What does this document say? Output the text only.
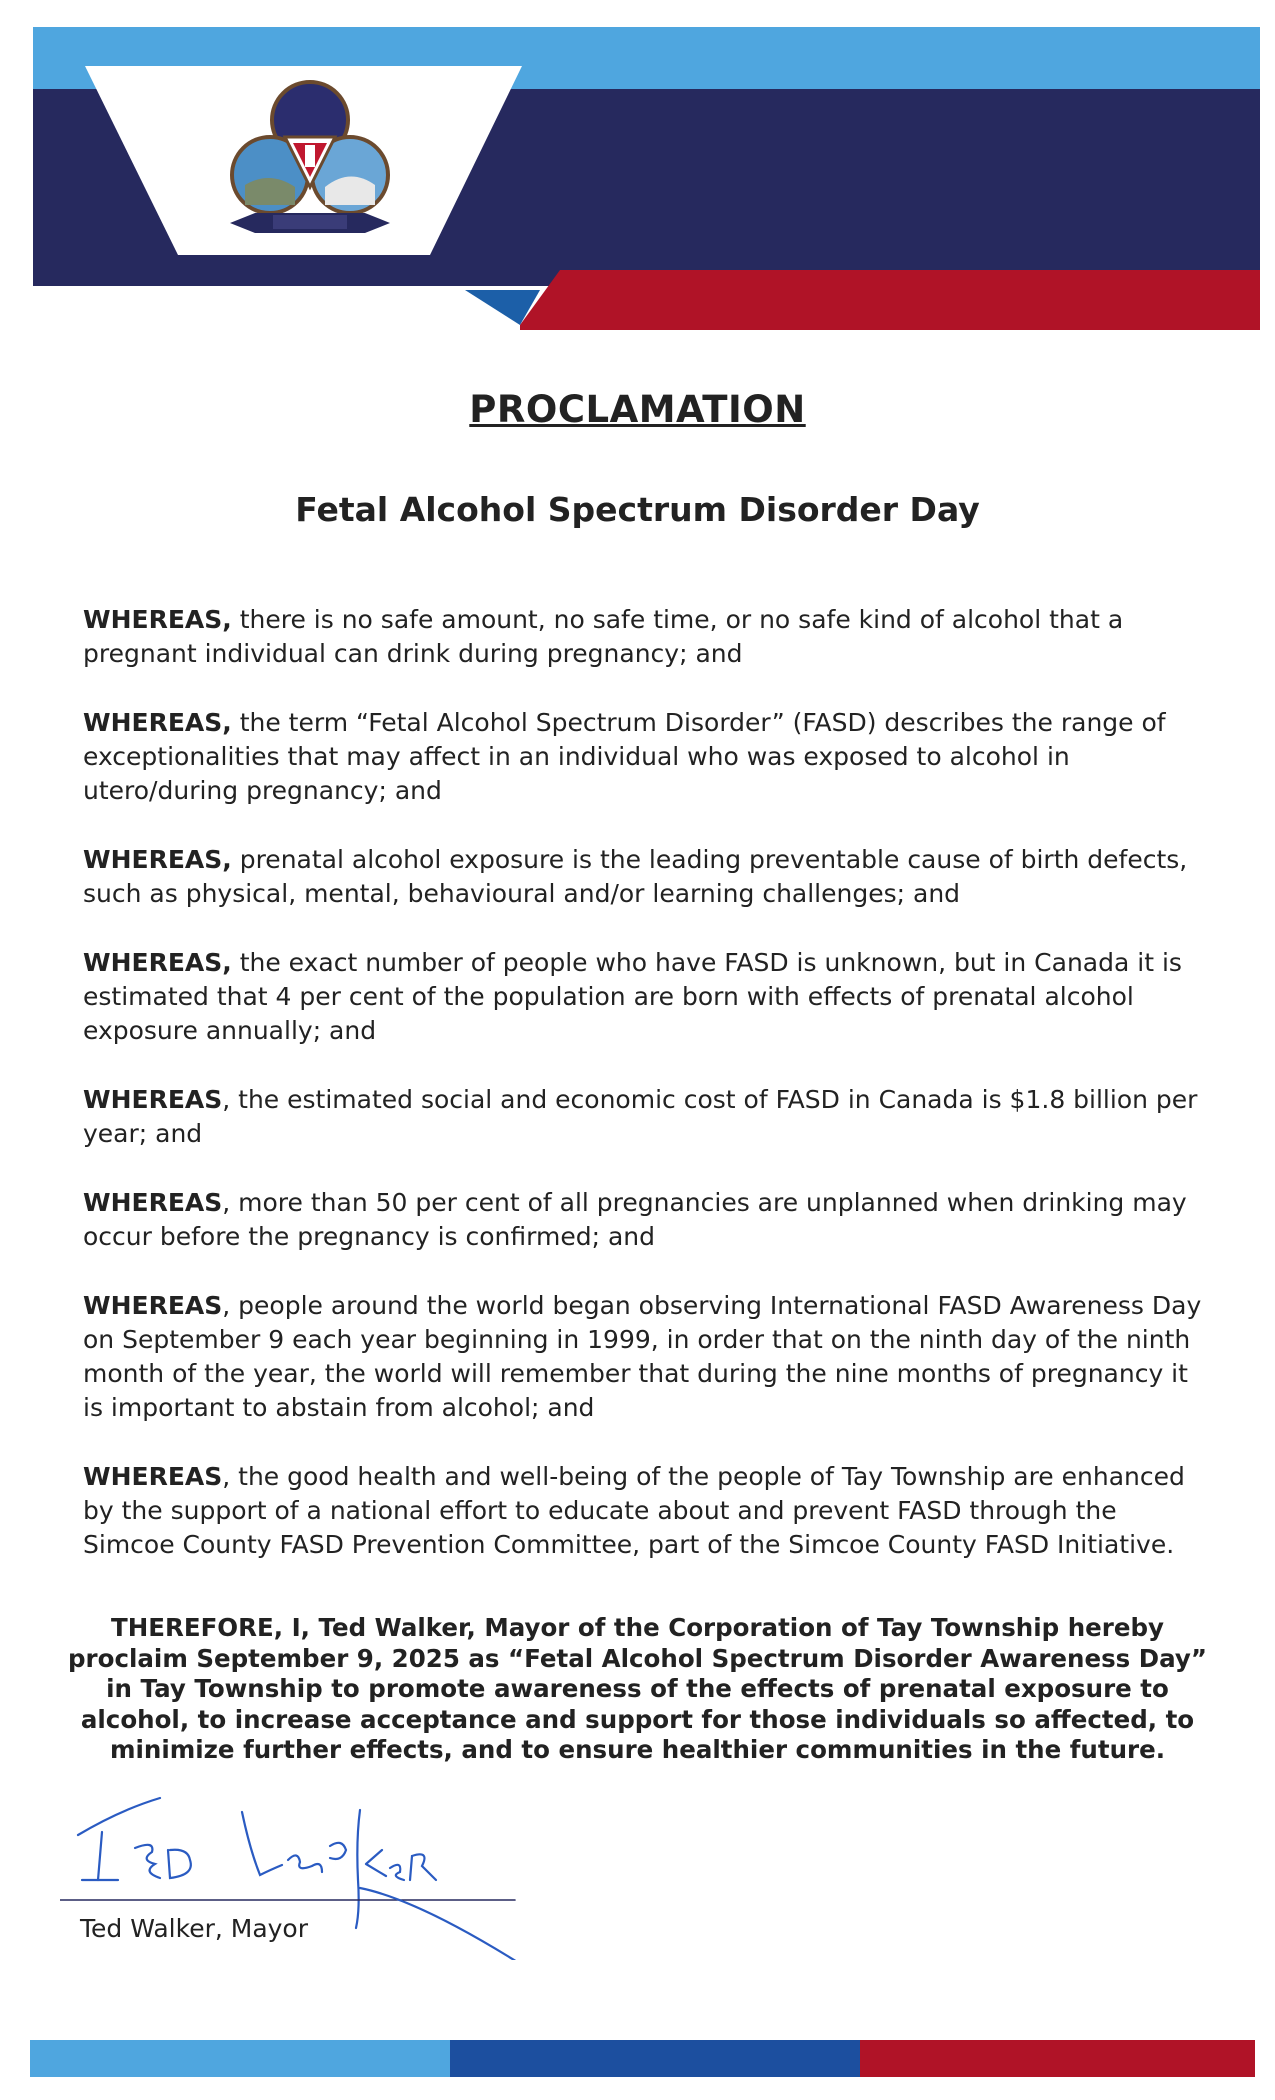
PROCLAMATION
Fetal Alcohol Spectrum Disorder Day

WHEREAS, there is no safe amount, no safe time, or no safe kind of alcohol that a pregnant individual can drink during pregnancy; and

WHEREAS, the term “Fetal Alcohol Spectrum Disorder” (FASD) describes the range of exceptionalities that may affect in an individual who was exposed to alcohol in utero/during pregnancy; and

WHEREAS, prenatal alcohol exposure is the leading preventable cause of birth defects, such as physical, mental, behavioural and/or learning challenges; and

WHEREAS, the exact number of people who have FASD is unknown, but in Canada it is estimated that 4 per cent of the population are born with effects of prenatal alcohol exposure annually; and

WHEREAS, the estimated social and economic cost of FASD in Canada is $1.8 billion per year; and

WHEREAS, more than 50 per cent of all pregnancies are unplanned when drinking may occur before the pregnancy is confirmed; and

WHEREAS, people around the world began observing International FASD Awareness Day on September 9 each year beginning in 1999, in order that on the ninth day of the ninth month of the year, the world will remember that during the nine months of pregnancy it is important to abstain from alcohol; and

WHEREAS, the good health and well-being of the people of Tay Township are enhanced by the support of a national effort to educate about and prevent FASD through the Simcoe County FASD Prevention Committee, part of the Simcoe County FASD Initiative.

THEREFORE, I, Ted Walker, Mayor of the Corporation of Tay Township hereby proclaim September 9, 2025 as “Fetal Alcohol Spectrum Disorder Awareness Day” in Tay Township to promote awareness of the effects of prenatal exposure to alcohol, to increase acceptance and support for those individuals so affected, to minimize further effects, and to ensure healthier communities in the future.

Ted Walker, Mayor
